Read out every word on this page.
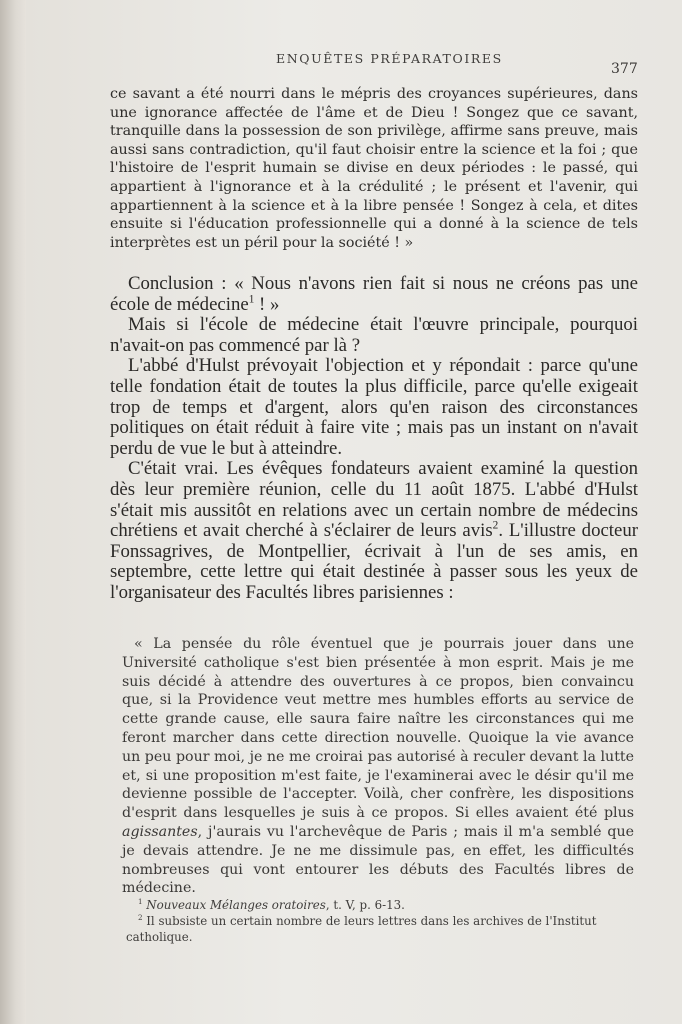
ENQUÊTES PRÉPARATOIRES
377
ce savant a été nourri dans le mépris des croyances supérieures, dans une ignorance affectée de l'âme et de Dieu ! Songez que ce savant, tranquille dans la possession de son privilège, affirme sans preuve, mais aussi sans contradiction, qu'il faut choisir entre la science et la foi ; que l'histoire de l'esprit humain se divise en deux périodes : le passé, qui appartient à l'ignorance et à la crédulité ; le présent et l'avenir, qui appartiennent à la science et à la libre pensée ! Songez à cela, et dites ensuite si l'éducation professionnelle qui a donné à la science de tels interprètes est un péril pour la société ! »

Conclusion : « Nous n'avons rien fait si nous ne créons pas une école de médecine$^1$ ! »

Mais si l'école de médecine était l'œuvre principale, pourquoi n'avait-on pas commencé par là ?

L'abbé d'Hulst prévoyait l'objection et y répondait : parce qu'une telle fondation était de toutes la plus difficile, parce qu'elle exigeait trop de temps et d'argent, alors qu'en raison des circonstances politiques on était réduit à faire vite ; mais pas un instant on n'avait perdu de vue le but à atteindre.

C'était vrai. Les évêques fondateurs avaient examiné la question dès leur première réunion, celle du 11 août 1875. L'abbé d'Hulst s'était mis aussitôt en relations avec un certain nombre de médecins chrétiens et avait cherché à s'éclairer de leurs avis$^2$. L'illustre docteur Fonssagrives, de Montpellier, écrivait à l'un de ses amis, en septembre, cette lettre qui était destinée à passer sous les yeux de l'organisateur des Facultés libres parisiennes :

« La pensée du rôle éventuel que je pourrais jouer dans une Université catholique s'est bien présentée à mon esprit. Mais je me suis décidé à attendre des ouvertures à ce propos, bien convaincu que, si la Providence veut mettre mes humbles efforts au service de cette grande cause, elle saura faire naître les circonstances qui me feront marcher dans cette direction nouvelle. Quoique la vie avance un peu pour moi, je ne me croirai pas autorisé à reculer devant la lutte et, si une proposition m'est faite, je l'examinerai avec le désir qu'il me devienne possible de l'accepter. Voilà, cher confrère, les dispositions d'esprit dans lesquelles je suis à ce propos. Si elles avaient été plus agissantes, j'aurais vu l'archevêque de Paris ; mais il m'a semblé que je devais attendre. Je ne me dissimule pas, en effet, les difficultés nombreuses qui vont entourer les débuts des Facultés libres de médecine.

$^1$ Nouveaux Mélanges oratoires, t. V, p. 6-13.

$^2$ Il subsiste un certain nombre de leurs lettres dans les archives de l'Institut catholique.
